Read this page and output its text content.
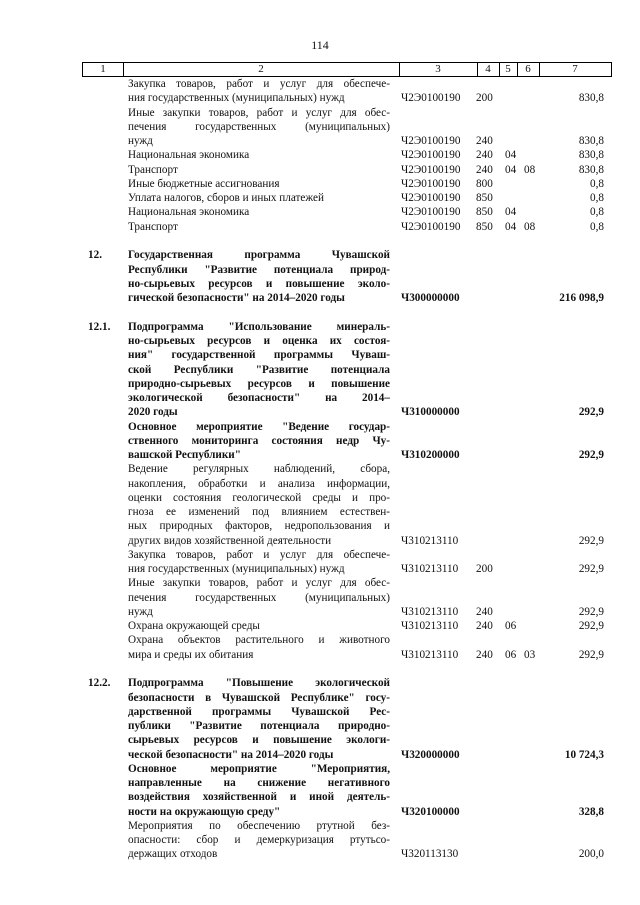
114
1	2	3	4	5	6	7
Закупка товаров, работ и услуг для обеспече-
ния государственных (муниципальных) нужд	Ч2Э0100190 200	830,8
Иные закупки товаров, работ и услуг для обес-
печения государственных (муниципальных)
нужд	Ч2Э0100190 240	830,8
Национальная экономика	Ч2Э0100190 240 04	830,8
Транспорт	Ч2Э0100190 240 04 08	830,8
Иные бюджетные ассигнования	Ч2Э0100190 800	0,8
Уплата налогов, сборов и иных платежей	Ч2Э0100190 850	0,8
Национальная экономика	Ч2Э0100190 850 04	0,8
Транспорт	Ч2Э0100190 850 04 08	0,8
12. Государственная программа Чувашской
Республики "Развитие потенциала природ-
но-сырьевых ресурсов и повышение эколо-
гической безопасности" на 2014–2020 годы	Ч300000000	216 098,9
12.1. Подпрограмма "Использование минераль-
но-сырьевых ресурсов и оценка их состоя-
ния" государственной программы Чуваш-
ской Республики "Развитие потенциала
природно-сырьевых ресурсов и повышение
экологической безопасности" на 2014–
2020 годы	Ч310000000	292,9
Основное мероприятие "Ведение государ-
ственного мониторинга состояния недр Чу-
вашской Республики"	Ч310200000	292,9
Ведение регулярных наблюдений, сбора,
накопления, обработки и анализа информации,
оценки состояния геологической среды и про-
гноза ее изменений под влиянием естествен-
ных природных факторов, недропользования и
других видов хозяйственной деятельности	Ч310213110	292,9
Закупка товаров, работ и услуг для обеспече-
ния государственных (муниципальных) нужд	Ч310213110 200	292,9
Иные закупки товаров, работ и услуг для обес-
печения государственных (муниципальных)
нужд	Ч310213110 240	292,9
Охрана окружающей среды	Ч310213110 240 06	292,9
Охрана объектов растительного и животного
мира и среды их обитания	Ч310213110 240 06 03	292,9
12.2. Подпрограмма "Повышение экологической
безопасности в Чувашской Республике" госу-
дарственной программы Чувашской Рес-
публики "Развитие потенциала природно-
сырьевых ресурсов и повышение экологи-
ческой безопасности" на 2014–2020 годы	Ч320000000	10 724,3
Основное мероприятие "Мероприятия,
направленные на снижение негативного
воздействия хозяйственной и иной деятель-
ности на окружающую среду"	Ч320100000	328,8
Мероприятия по обеспечению ртутной без-
опасности: сбор и демеркуризация ртутьсо-
держащих отходов	Ч320113130	200,0
